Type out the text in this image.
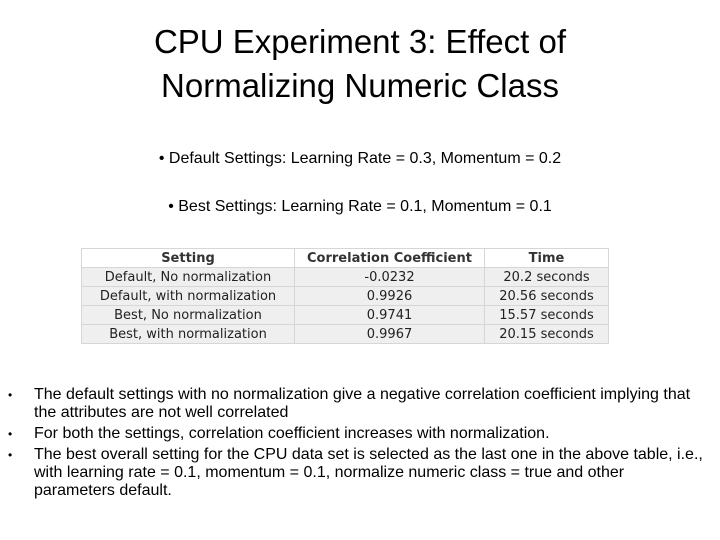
CPU Experiment 3: Effect of
Normalizing Numeric Class
• Default Settings: Learning Rate = 0.3, Momentum = 0.2
• Best Settings: Learning Rate = 0.1, Momentum = 0.1
Setting	Correlation Coefficient	Time
Default, No normalization	-0.0232	20.2 seconds
Default, with normalization	0.9926	20.56 seconds
Best, No normalization	0.9741	15.57 seconds
Best, with normalization	0.9967	20.15 seconds
• The default settings with no normalization give a negative correlation coefficient implying that the attributes are not well correlated
• For both the settings, correlation coefficient increases with normalization.
• The best overall setting for the CPU data set is selected as the last one in the above table, i.e., with learning rate = 0.1, momentum = 0.1, normalize numeric class = true and other parameters default.
